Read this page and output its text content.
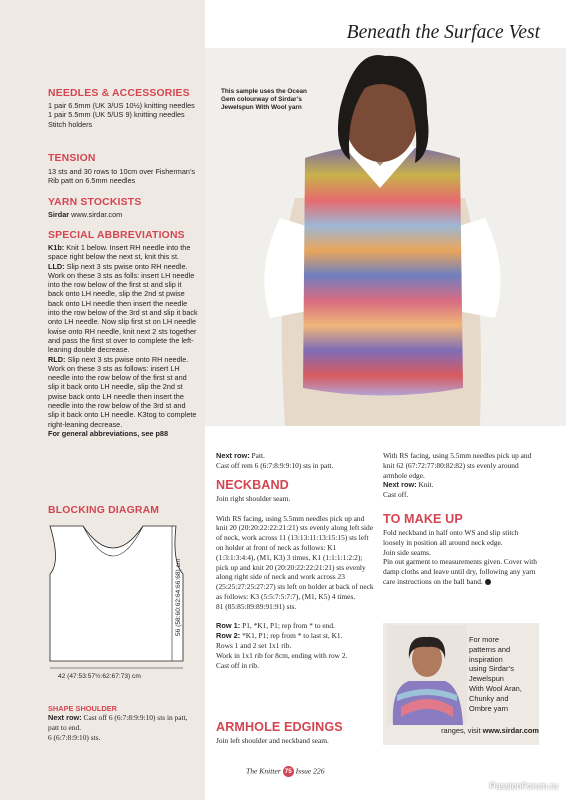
NEEDLES & ACCESSORIES

1 pair 6.5mm (UK 3/US 10½) knitting needles

1 pair 5.5mm (UK 5/US 9) knitting needles

Stitch holders

TENSION
13 sts and 30 rows to 10cm over Fisherman’s Rib patt on 6.5mm needles
YARN STOCKISTS
Sirdar www.sirdar.com
SPECIAL ABBREVIATIONS

K1b: Knit 1 below. Insert RH needle into the space right below the next st, knit this st.

LLD: Slip next 3 sts pwise onto RH needle. Work on these 3 sts as folls: insert LH needle into the row below of the first st and slip it back onto LH needle, slip the 2nd st pwise back onto LH needle then insert the needle into the row below of the 3rd st and slip it back onto LH needle. Now slip first st on LH needle kwise onto RH needle, knit next 2 sts together and pass the first st over to complete the left-leaning double decrease.

RLD: Slip next 3 sts pwise onto RH needle. Work on these 3 sts as follows: insert LH needle into the row below of the first st and slip it back onto LH needle, slip the 2nd st pwise back onto LH needle then insert the needle into the row below of the 3rd st and slip it back onto LH needle. K3tog to complete right-leaning decrease.

For general abbreviations, see p88

BLOCKING DIAGRAM
56 (58:60:62:64:66:68) cm
42 (47:53:57½:62:67:73) cm
SHAPE SHOULDER

Next row: Cast off 6 (6:7:8:9:9:10) sts in patt, patt to end.

6 (6:7:8:9:10) sts.

Beneath the Surface Vest
This sample uses the Ocean Gem colourway of Sirdar’s Jewelspun With Wool yarn

Next row: Patt.

Cast off rem 6 (6:7:8:9:9:10) sts in patt.

NECKBAND

Join right shoulder seam.

With RS facing, using 5.5mm needles pick up and knit 20 (20:20:22:22:21:21) sts evenly along left side of neck, work across 11 (13:13:11:13:15:15) sts left on holder at front of neck as follows: K1 (1:3:1:3:4:4), (M1, K3) 3 times, K1 (1:1:1:1:2:2); pick up and knit 20 (20:20:22:22:21:21) sts evenly along right side of neck and work across 23 (25:25:27:25:27:27) sts left on holder at back of neck as follows: K3 (5:5:7:5:7:7), (M1, K5) 4 times.

81 (85:85:89:89:91:91) sts.

Row 1: P1, *K1, P1; rep from * to end.

Row 2: *K1, P1; rep from * to last st, K1.

Rows 1 and 2 set 1x1 rib.

Work in 1x1 rib for 8cm, ending with row 2.

Cast off in rib.

ARMHOLE EDGINGS
Join left shoulder and neckband seam.

With RS facing, using 5.5mm needles pick up and knit 62 (67:72:77:80:82:82) sts evenly around armhole edge.

Next row: Knit.

Cast off.

TO MAKE UP

Fold neckband in half onto WS and slip stitch loosely in position all around neck edge.

Join side seams.

Pin out garment to measurements given. Cover with damp cloths and leave until dry, following any yarn care instructions on the ball band.

For more
patterns and
inspiration
using Sirdar’s
Jewelspun
With Wool Aran,
Chunky and
Ombre yarn
ranges, visit www.sirdar.com
The Knitter 75 Issue 226
PassionForum.ru
